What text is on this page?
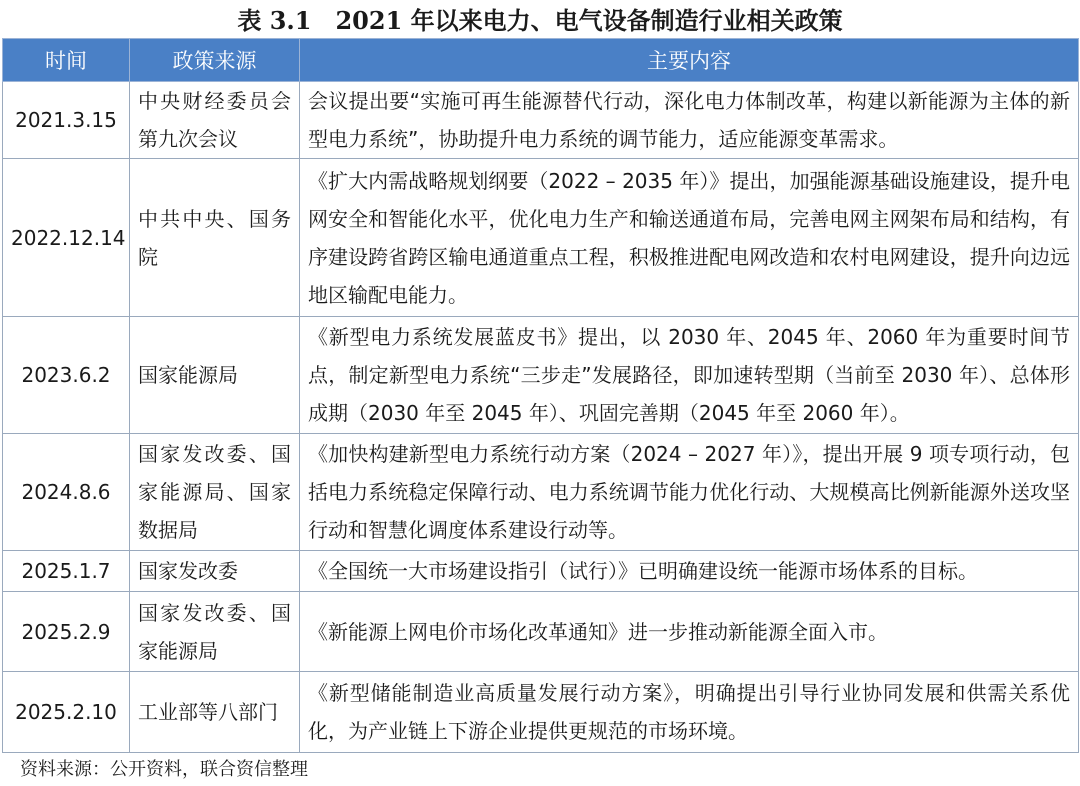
表 3.1　2021 年以来电力、电气设备制造行业相关政策
时间	政策来源	主要内容
2021.3.15	中央财经委员会第九次会议	会议提出要“实施可再生能源替代行动，深化电力体制改革，构建以新能源为主体的新型电力系统”，协助提升电力系统的调节能力，适应能源变革需求。
2022.12.14	中共中央、国务院	《扩大内需战略规划纲要（2022 – 2035 年）》提出，加强能源基础设施建设，提升电网安全和智能化水平，优化电力生产和输送通道布局，完善电网主网架布局和结构，有序建设跨省跨区输电通道重点工程，积极推进配电网改造和农村电网建设，提升向边远地区输配电能力。
2023.6.2	国家能源局	《新型电力系统发展蓝皮书》提出，以 2030 年、2045 年、2060 年为重要时间节点，制定新型电力系统“三步走”发展路径，即加速转型期（当前至 2030 年）、总体形成期（2030 年至 2045 年）、巩固完善期（2045 年至 2060 年）。
2024.8.6	国家发改委、国家能源局、国家数据局	《加快构建新型电力系统行动方案（2024 – 2027 年）》，提出开展 9 项专项行动，包括电力系统稳定保障行动、电力系统调节能力优化行动、大规模高比例新能源外送攻坚行动和智慧化调度体系建设行动等。
2025.1.7	国家发改委	《全国统一大市场建设指引（试行）》已明确建设统一能源市场体系的目标。
2025.2.9	国家发改委、国家能源局	《新能源上网电价市场化改革通知》进一步推动新能源全面入市。
2025.2.10	工业部等八部门	《新型储能制造业高质量发展行动方案》，明确提出引导行业协同发展和供需关系优化，为产业链上下游企业提供更规范的市场环境。
资料来源：公开资料，联合资信整理
